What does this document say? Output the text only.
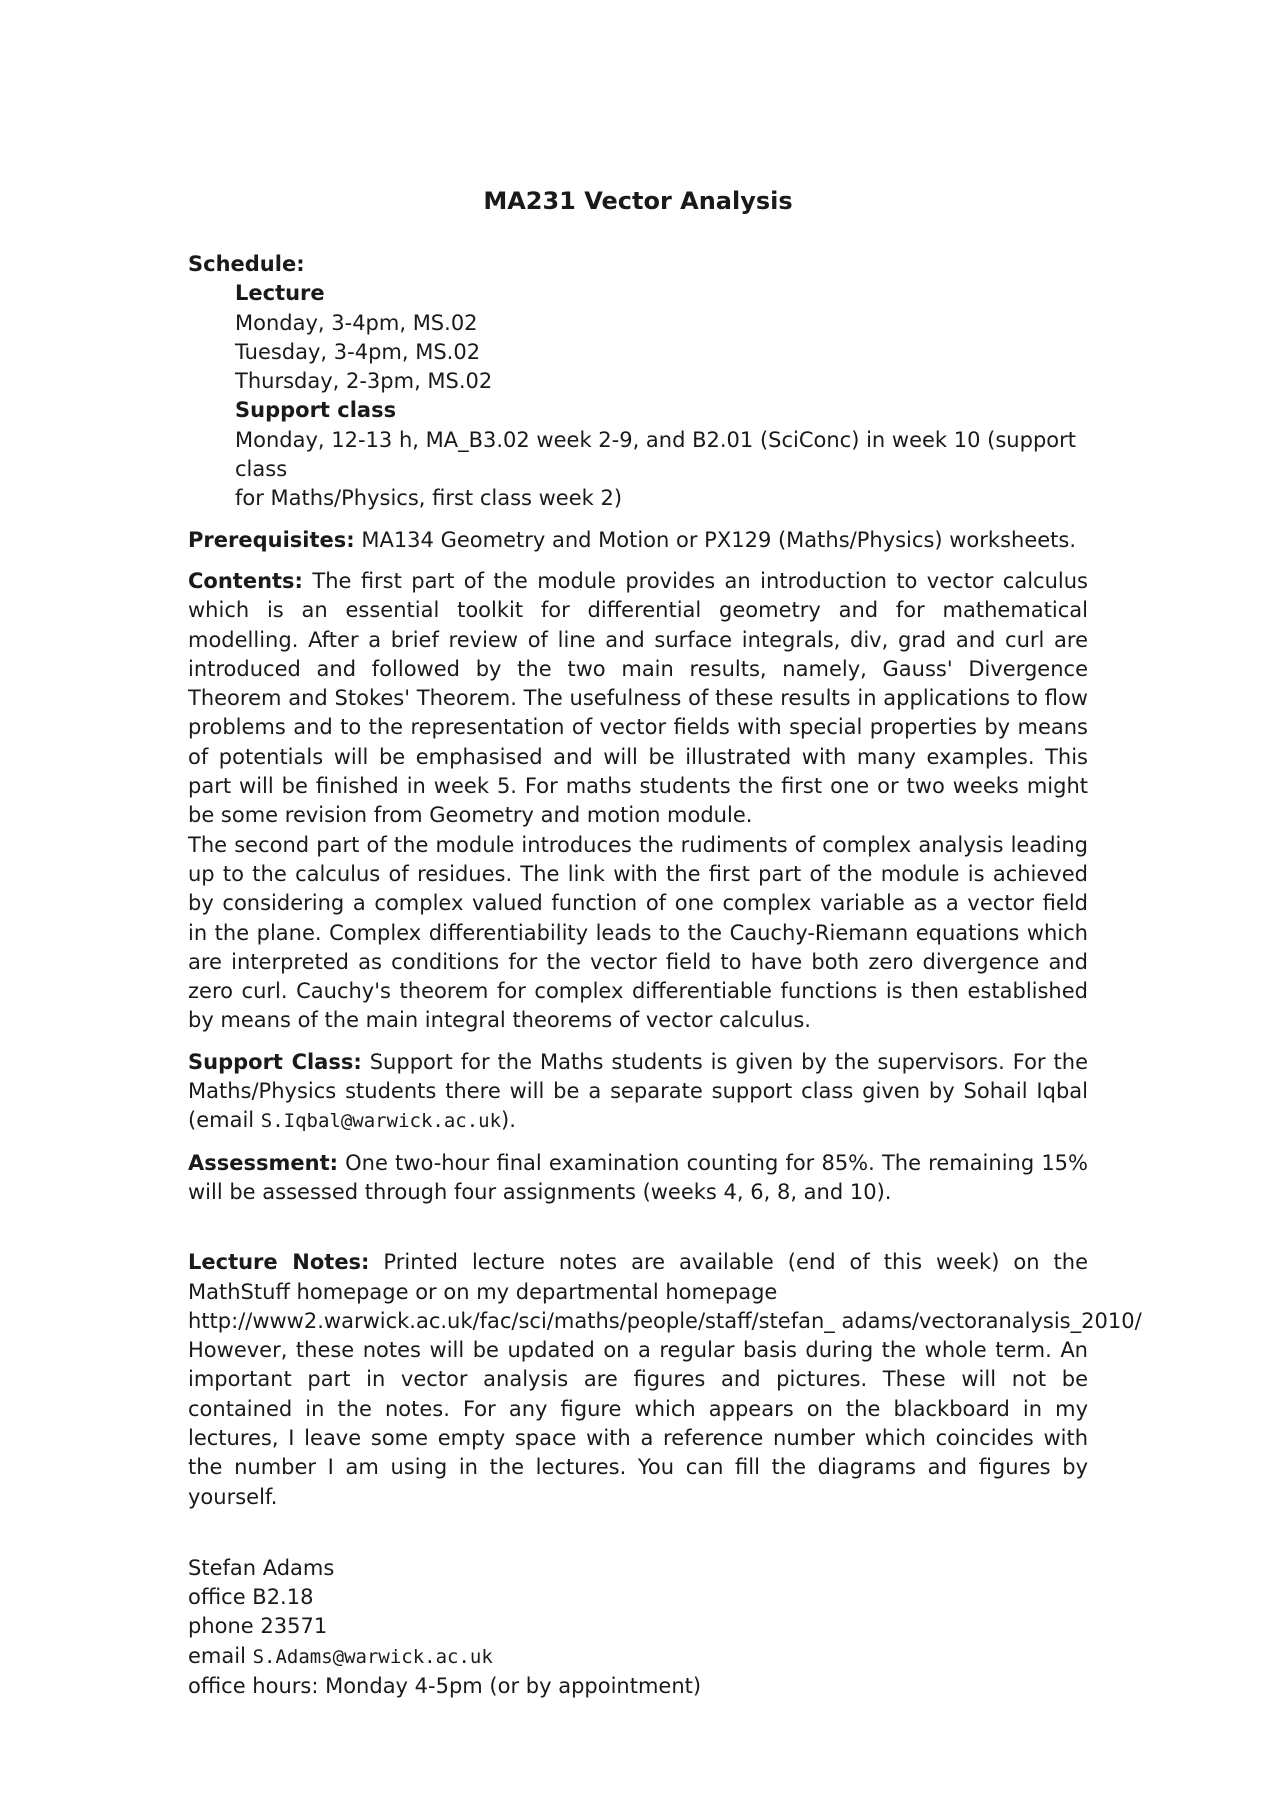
MA231 Vector Analysis

Schedule:

Lecture

Monday, 3-4pm, MS.02

Tuesday, 3-4pm, MS.02

Thursday, 2-3pm, MS.02

Support class

Monday, 12-13 h, MA_B3.02 week 2-9, and B2.01 (SciConc) in week 10 (support class

for Maths/Physics, first class week 2)

Prerequisites: MA134 Geometry and Motion or PX129 (Maths/Physics) worksheets.

Contents: The first part of the module provides an introduction to vector calculus which is an essential toolkit for differential geometry and for mathematical modelling. After a brief review of line and surface integrals, div, grad and curl are introduced and followed by the two main results, namely, Gauss' Divergence Theorem and Stokes' Theorem. The usefulness of these results in applications to flow problems and to the representation of vector fields with special properties by means of potentials will be emphasised and will be illustrated with many examples. This part will be finished in week 5. For maths students the first one or two weeks might be some revision from Geometry and motion module.

The second part of the module introduces the rudiments of complex analysis leading up to the calculus of residues. The link with the first part of the module is achieved by considering a complex valued function of one complex variable as a vector field in the plane. Complex differentiability leads to the Cauchy-Riemann equations which are interpreted as conditions for the vector field to have both zero divergence and zero curl. Cauchy's theorem for complex differentiable functions is then established by means of the main integral theorems of vector calculus.

Support Class: Support for the Maths students is given by the supervisors. For the Maths/Physics students there will be a separate support class given by Sohail Iqbal (email S.Iqbal@warwick.ac.uk).

Assessment: One two-hour final examination counting for 85%. The remaining 15% will be assessed through four assignments (weeks 4, 6, 8, and 10).

Lecture Notes: Printed lecture notes are available (end of this week) on the MathStuff homepage or on my departmental homepage

http://www2.warwick.ac.uk/fac/sci/maths/people/staff/stefan_ adams/vectoranalysis_2010/

However, these notes will be updated on a regular basis during the whole term. An important part in vector analysis are figures and pictures. These will not be contained in the notes. For any figure which appears on the blackboard in my lectures, I leave some empty space with a reference number which coincides with the number I am using in the lectures. You can fill the diagrams and figures by yourself.

Stefan Adams

office B2.18

phone 23571

email S.Adams@warwick.ac.uk

office hours: Monday 4-5pm (or by appointment)
